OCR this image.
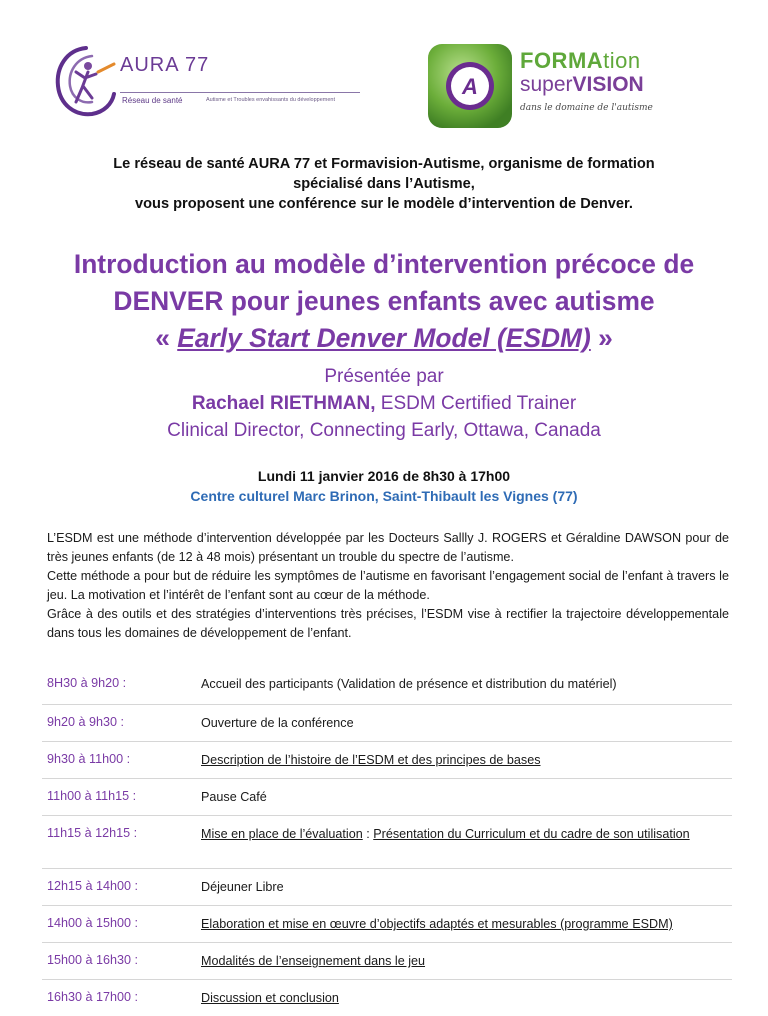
AURA 77
Réseau de santé	Autisme et Troubles envahissants du développement
A
FORMAtion
superVISION
dans le domaine de l'autisme
Le réseau de santé AURA 77 et Formavision-Autisme, organisme de formation
spécialisé dans l’Autisme,
vous proposent une conférence sur le modèle d’intervention de Denver.
Introduction au modèle d’intervention précoce de
DENVER pour jeunes enfants avec autisme
« Early Start Denver Model (ESDM) »
Présentée par
Rachael RIETHMAN, ESDM Certified Trainer
Clinical Director, Connecting Early, Ottawa, Canada
Lundi 11 janvier 2016 de 8h30 à 17h00
Centre culturel Marc Brinon, Saint-Thibault les Vignes (77)

L’ESDM est une méthode d’intervention développée par les Docteurs Sallly J. ROGERS et Géraldine DAWSON pour de très jeunes enfants (de 12 à 48 mois) présentant un trouble du spectre de l’autisme.

Cette méthode a pour but de réduire les symptômes de l’autisme en favorisant l’engagement social de l’enfant à travers le jeu. La motivation et l’intérêt de l’enfant sont au cœur de la méthode.

Grâce à des outils et des stratégies d’interventions très précises, l’ESDM vise à rectifier la trajectoire développementale dans tous les domaines de développement de l’enfant.

8H30 à 9h20 :	Accueil des participants (Validation de présence et distribution du matériel)
9h20 à 9h30 :	Ouverture de la conférence
9h30 à 11h00 :	Description de l’histoire de l’ESDM et des principes de bases
11h00 à 11h15 :	Pause Café
11h15 à 12h15 :	Mise en place de l’évaluation : Présentation du Curriculum et du cadre de son utilisation
12h15 à 14h00 :	Déjeuner Libre
14h00 à 15h00 :	Elaboration et mise en œuvre d’objectifs adaptés et mesurables (programme ESDM)
15h00 à 16h30 :	Modalités de l’enseignement dans le jeu
16h30 à 17h00 :	Discussion et conclusion
